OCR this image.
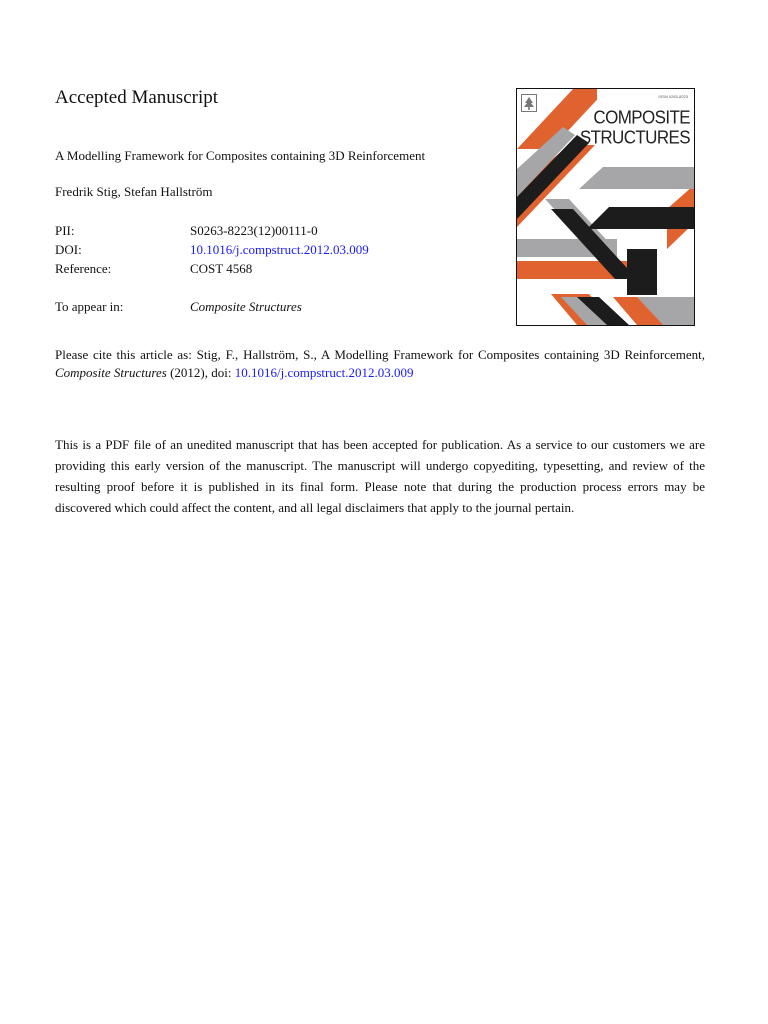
Accepted Manuscript
A Modelling Framework for Composites containing 3D Reinforcement
Fredrik Stig, Stefan Hallström
PII:	S0263-8223(12)00111-0
DOI:	10.1016/j.compstruct.2012.03.009
Reference:	COST 4568
To appear in:	Composite Structures
ISSN 0263-8223
COMPOSITE
STRUCTURES
Please cite this article as: Stig, F., Hallström, S., A Modelling Framework for Composites containing 3D Reinforcement, Composite Structures (2012), doi: 10.1016/j.compstruct.2012.03.009
This is a PDF file of an unedited manuscript that has been accepted for publication. As a service to our customers we are providing this early version of the manuscript. The manuscript will undergo copyediting, typesetting, and review of the resulting proof before it is published in its final form. Please note that during the production process errors may be discovered which could affect the content, and all legal disclaimers that apply to the journal pertain.
